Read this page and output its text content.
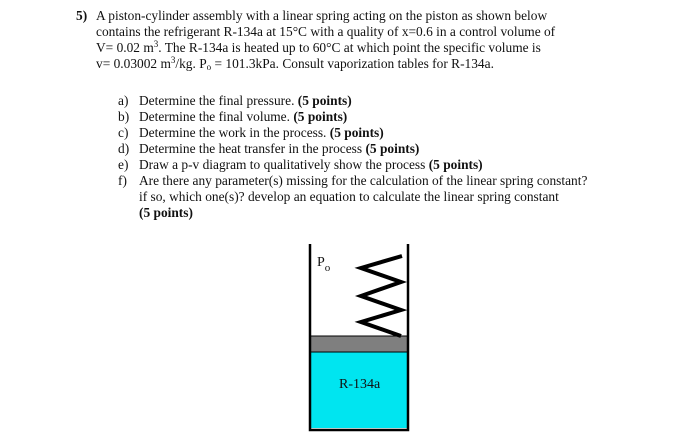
5) A piston-cylinder assembly with a linear spring acting on the piston as shown below
contains the refrigerant R-134a at 15°C with a quality of x=0.6 in a control volume of
V= 0.02 $m^3$. The R-134a is heated up to 60°C at which point the specific volume is
v= 0.03002 $m^3/kg$. $P_o = 101.3kPa$. Consult vaporization tables for R-134a.

a) Determine the final pressure. (5 points)
b) Determine the final volume. (5 points)
c) Determine the work in the process. (5 points)
d) Determine the heat transfer in the process (5 points)
e) Draw a p-v diagram to qualitatively show the process (5 points)
f) Are there any parameter(s) missing for the calculation of the linear spring constant?
if so, which one(s)? develop an equation to calculate the linear spring constant
(5 points)
$P_o$
R-134a
